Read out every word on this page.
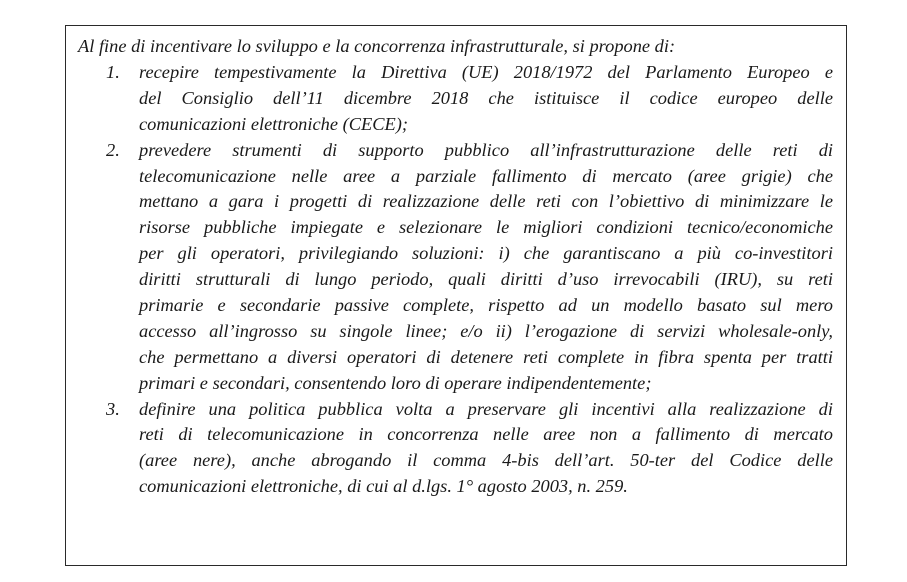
Al fine di incentivare lo sviluppo e la concorrenza infrastrutturale, si propone di:
1. recepire tempestivamente la Direttiva (UE) 2018/1972 del Parlamento Europeo e
del Consiglio dell’11 dicembre 2018 che istituisce il codice europeo delle
comunicazioni elettroniche (CECE);
2. prevedere strumenti di supporto pubblico all’infrastrutturazione delle reti di
telecomunicazione nelle aree a parziale fallimento di mercato (aree grigie) che
mettano a gara i progetti di realizzazione delle reti con l’obiettivo di minimizzare le
risorse pubbliche impiegate e selezionare le migliori condizioni tecnico/economiche
per gli operatori, privilegiando soluzioni: i) che garantiscano a più co-investitori
diritti strutturali di lungo periodo, quali diritti d’uso irrevocabili (IRU), su reti
primarie e secondarie passive complete, rispetto ad un modello basato sul mero
accesso all’ingrosso su singole linee; e/o ii) l’erogazione di servizi wholesale-only,
che permettano a diversi operatori di detenere reti complete in fibra spenta per tratti
primari e secondari, consentendo loro di operare indipendentemente;
3. definire una politica pubblica volta a preservare gli incentivi alla realizzazione di
reti di telecomunicazione in concorrenza nelle aree non a fallimento di mercato
(aree nere), anche abrogando il comma 4-bis dell’art. 50-ter del Codice delle
comunicazioni elettroniche, di cui al d.lgs. 1° agosto 2003, n. 259.
